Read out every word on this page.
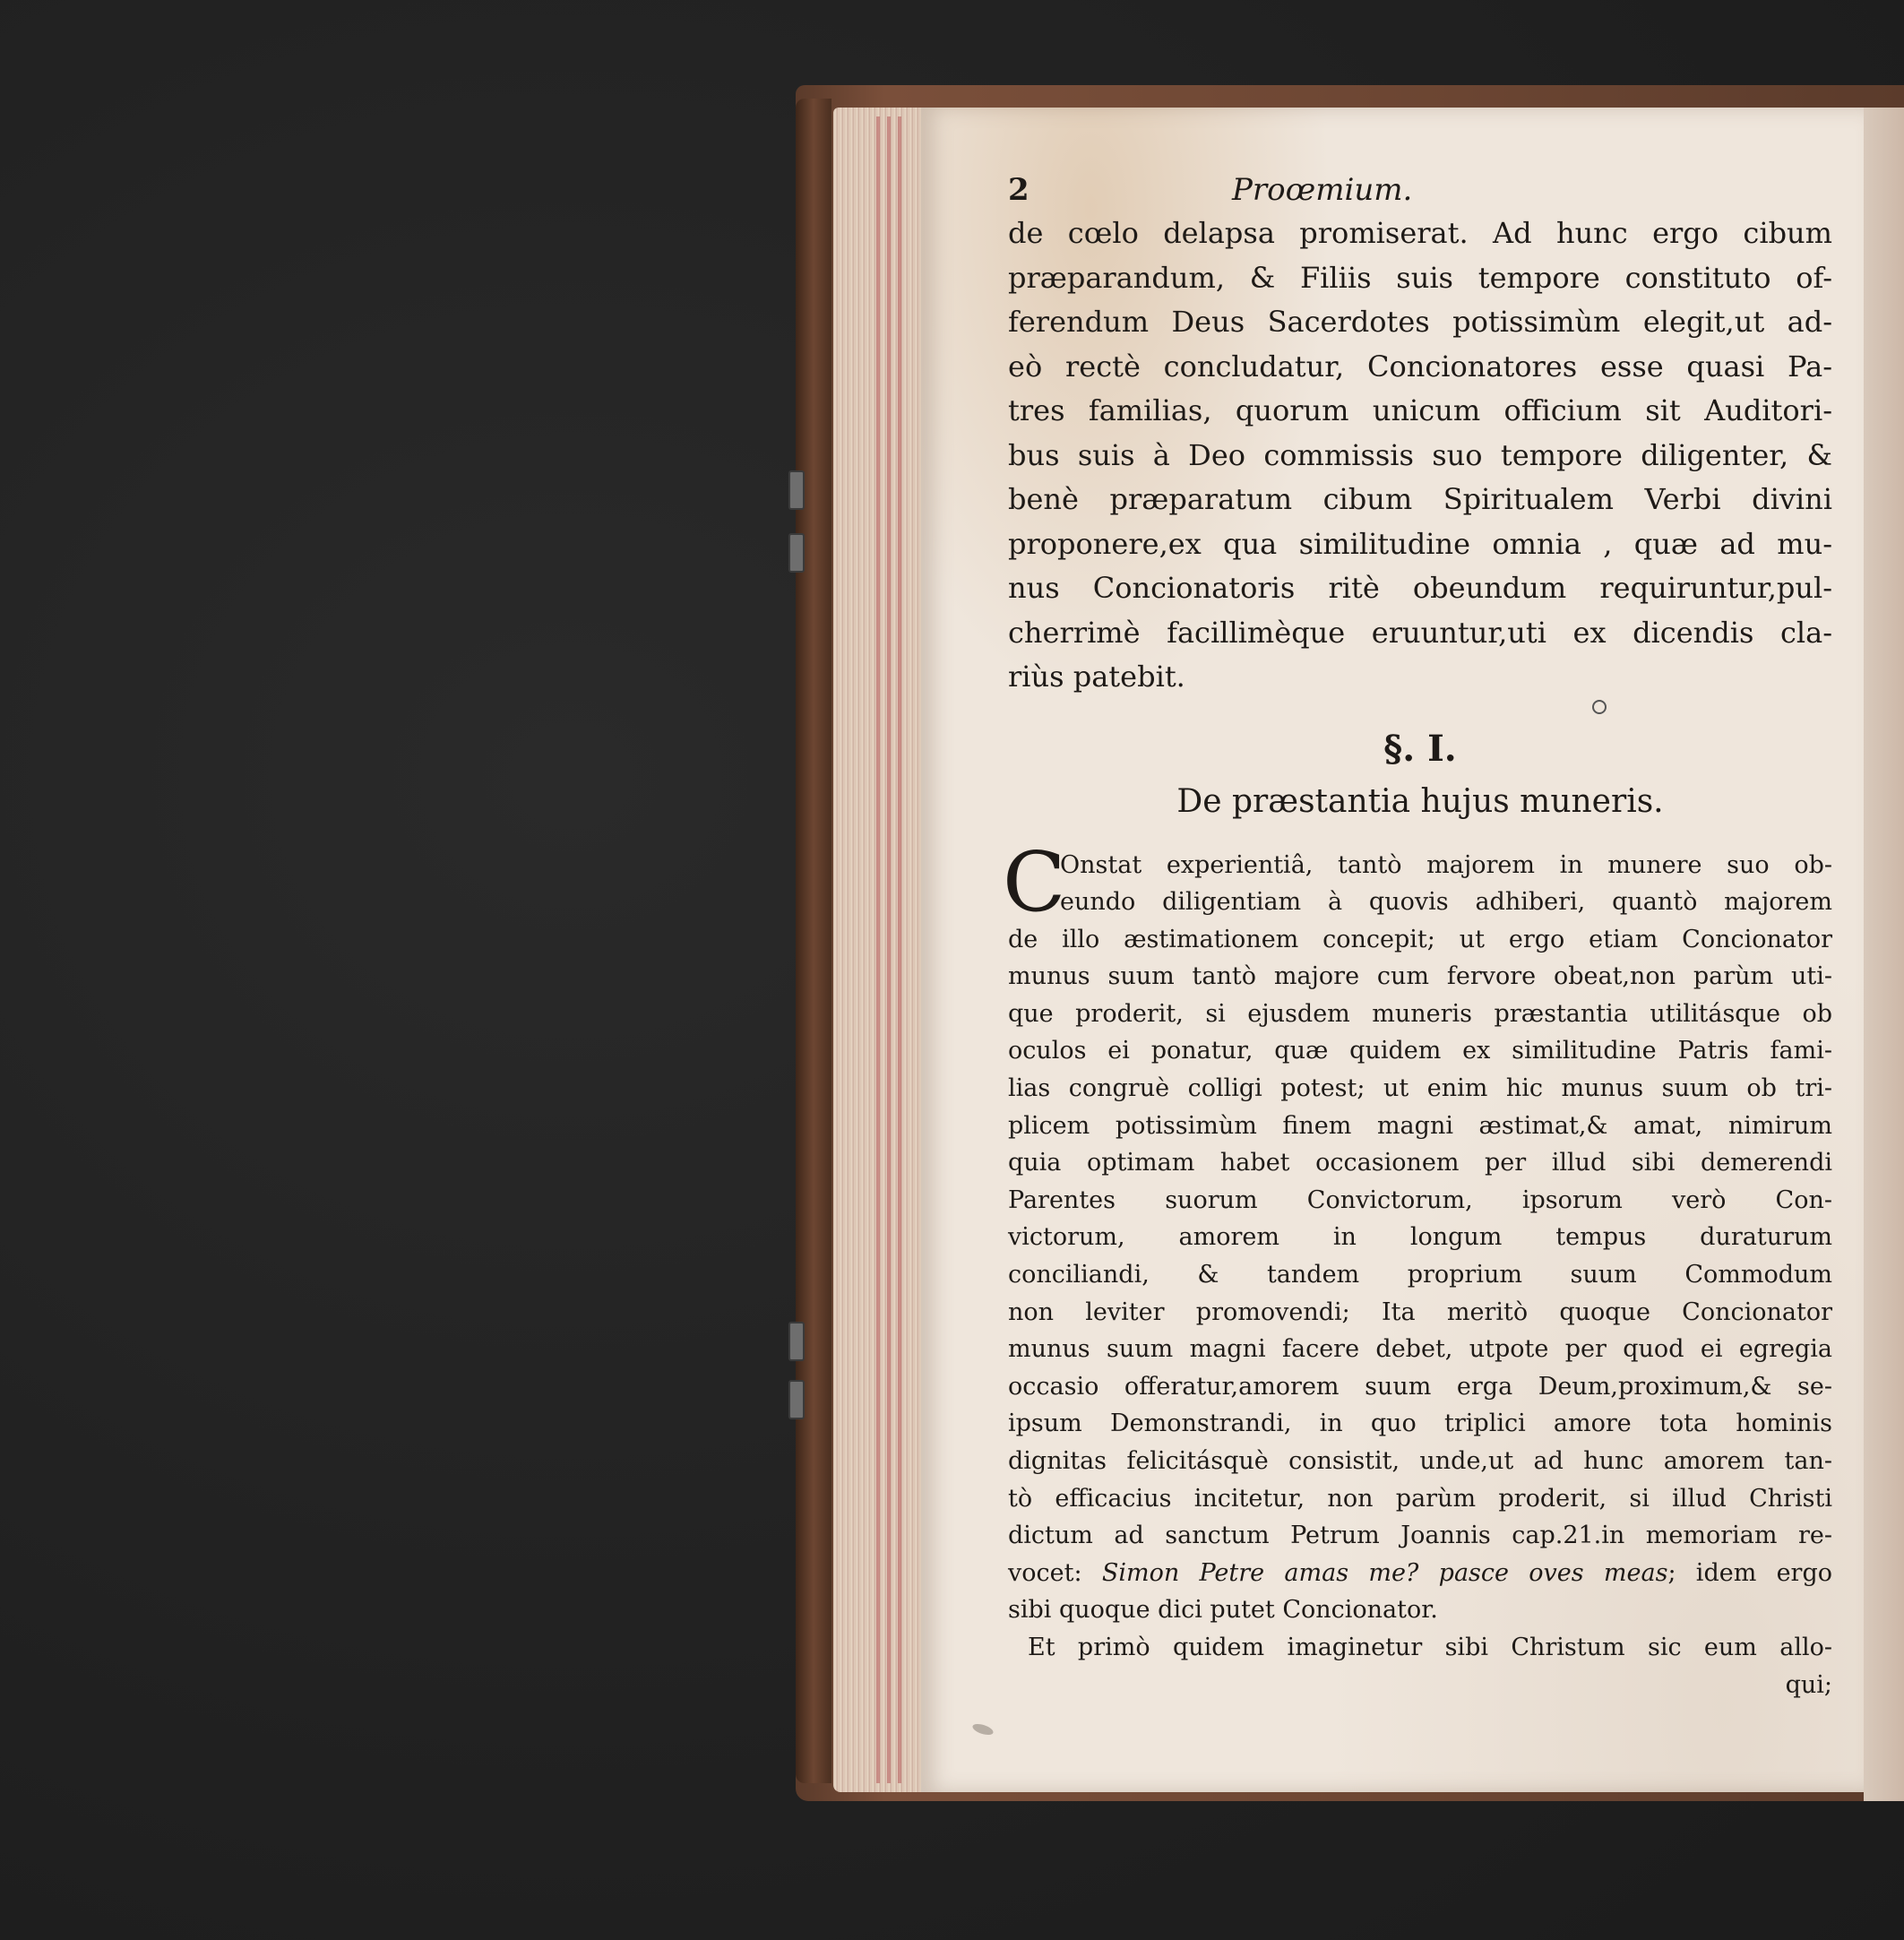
2	Proœmium.
de cœlo delapsa promiserat. Ad hunc ergo cibum
præparandum, & Filiis suis tempore constituto of-
ferendum Deus Sacerdotes potissimùm elegit,ut ad-
eò rectè concludatur, Concionatores esse quasi Pa-
tres familias, quorum unicum officium sit Auditori-
bus suis à Deo commissis suo tempore diligenter, &
benè præparatum cibum Spiritualem Verbi divini
proponere,ex qua similitudine omnia , quæ ad mu-
nus Concionatoris ritè obeundum requiruntur,pul-
cherrimè facillimèque eruuntur,uti ex dicendis cla-
riùs patebit.
§. I.
De præstantia hujus muneris.
C
Onstat experientiâ, tantò majorem in munere suo ob-
eundo diligentiam à quovis adhiberi, quantò majorem
de illo æstimationem concepit; ut ergo etiam Concionator
munus suum tantò majore cum fervore obeat,non parùm uti-
que proderit, si ejusdem muneris præstantia utilitásque ob
oculos ei ponatur, quæ quidem ex similitudine Patris fami-
lias congruè colligi potest; ut enim hic munus suum ob tri-
plicem potissimùm finem magni æstimat,& amat, nimirum
quia optimam habet occasionem per illud sibi demerendi
Parentes suorum Convictorum, ipsorum verò Con-
victorum, amorem in longum tempus duraturum
conciliandi, & tandem proprium suum Commodum
non leviter promovendi; Ita meritò quoque Concionator
munus suum magni facere debet, utpote per quod ei egregia
occasio offeratur,amorem suum erga Deum,proximum,& se-
ipsum Demonstrandi, in quo triplici amore tota hominis
dignitas felicitásquè consistit, unde,ut ad hunc amorem tan-
tò efficacius incitetur, non parùm proderit, si illud Christi
dictum ad sanctum Petrum Joannis cap.21.in memoriam re-
vocet: Simon Petre amas me? pasce oves meas; idem ergo
sibi quoque dici putet Concionator.
Et primò quidem imaginetur sibi Christum sic eum allo-
qui;
